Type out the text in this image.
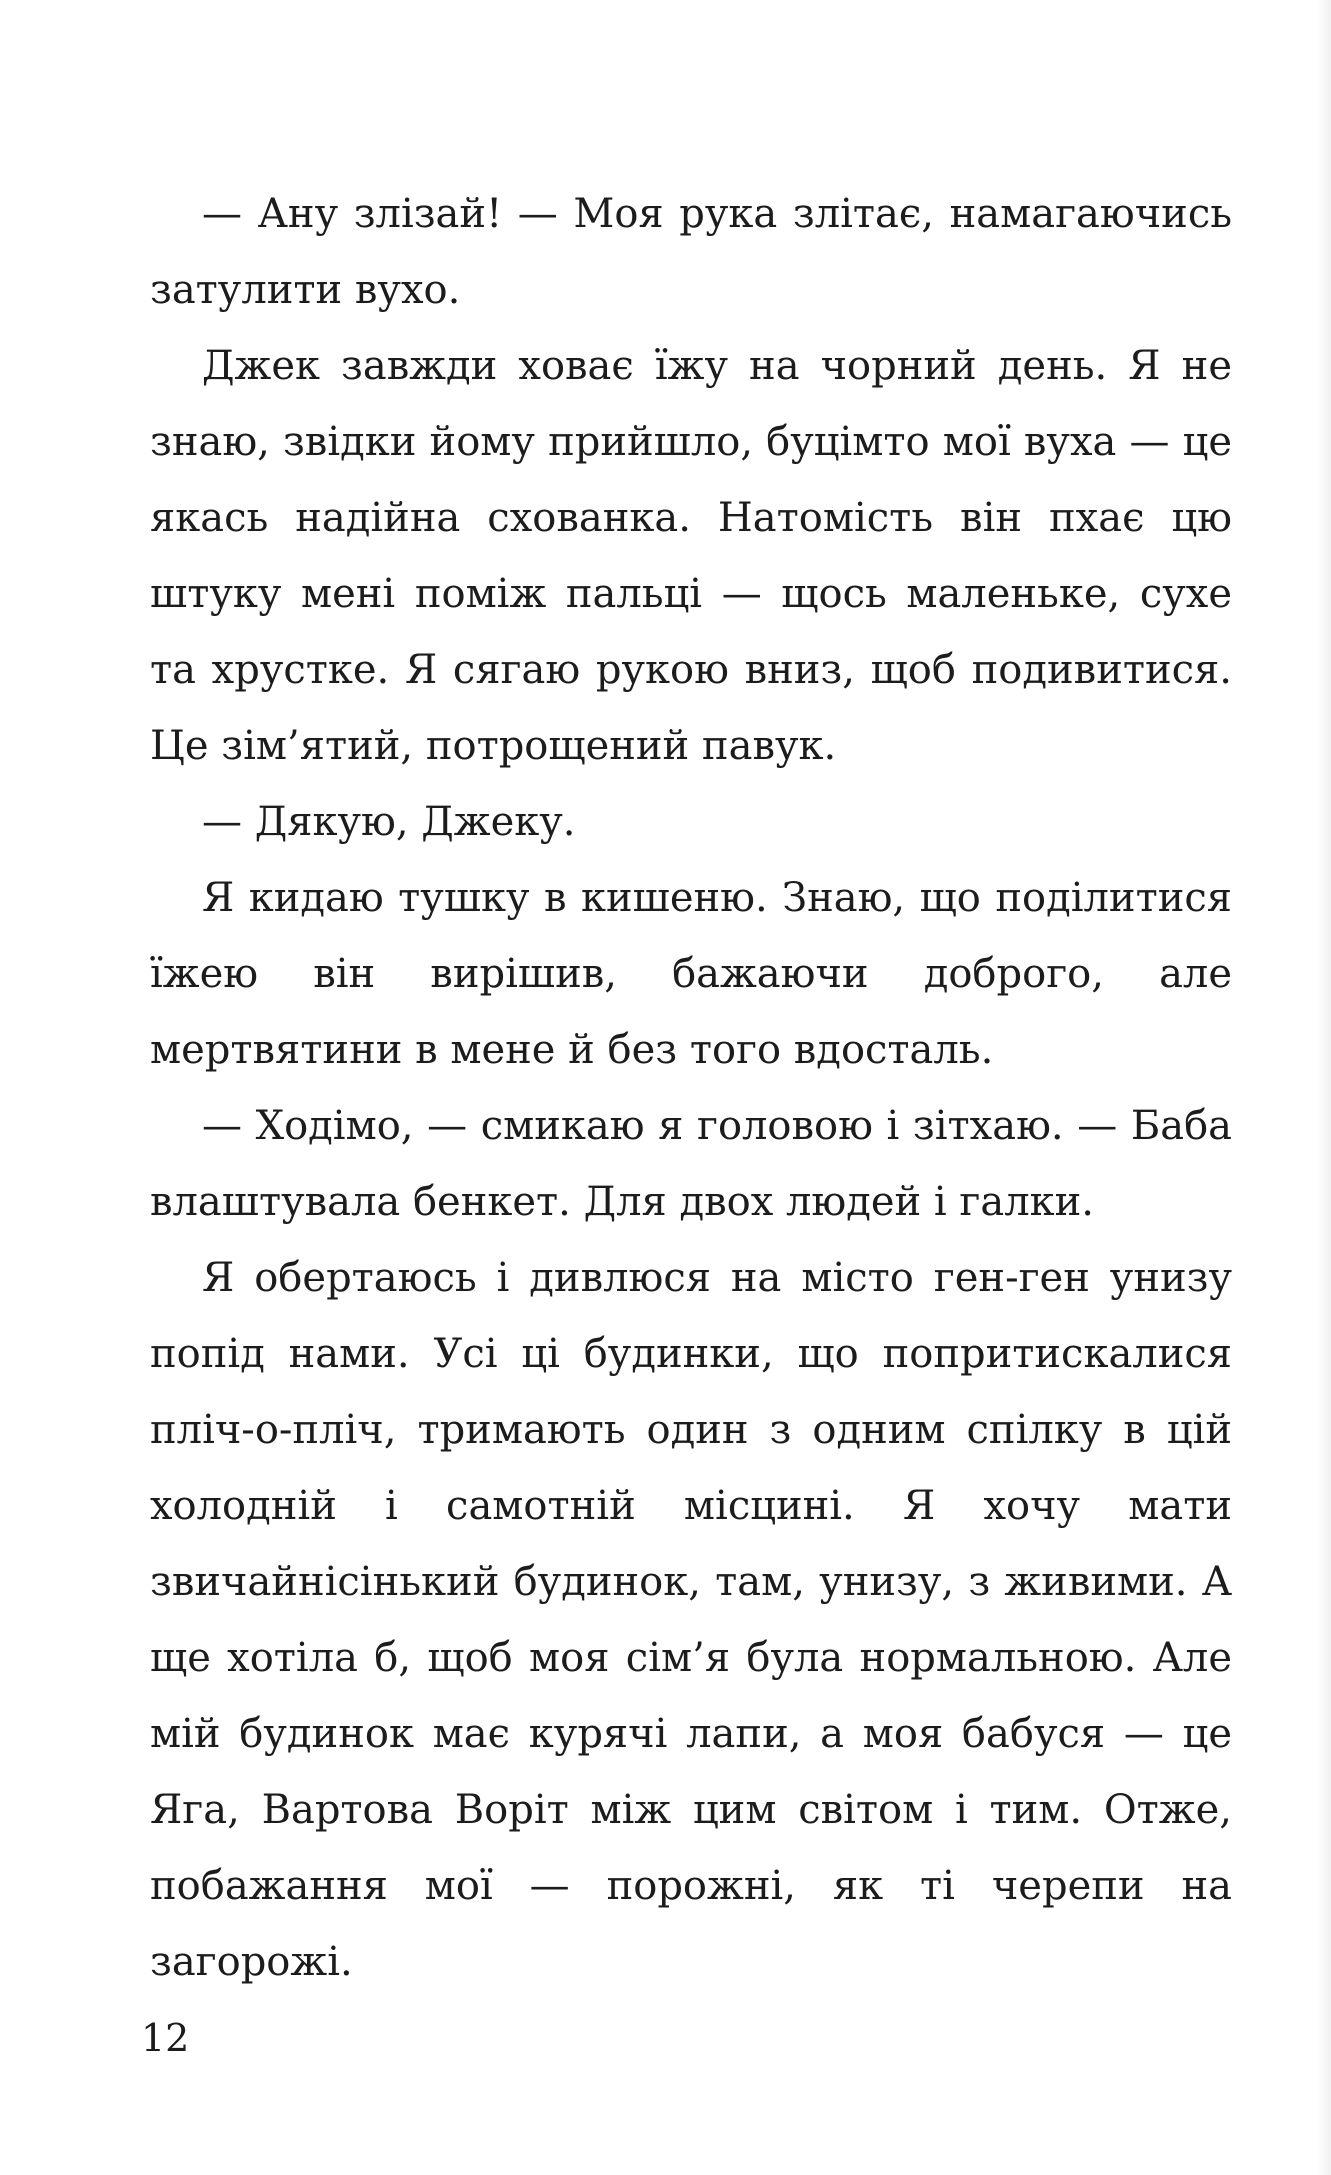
— Ану злізай! — Моя рука злітає, намагаючись затулити вухо.

Джек завжди ховає їжу на чорний день. Я не знаю, звідки йому прийшло, буцімто мої вуха — це якась надійна схованка. Натомість він пхає цю штуку мені поміж пальці — щось маленьке, сухе та хрустке. Я сягаю рукою вниз, щоб подивитися. Це зім’ятий, потрощений павук.

— Дякую, Джеку.

Я кидаю тушку в кишеню. Знаю, що поділитися їжею він вирішив, бажаючи доброго, але мертвятини в мене й без того вдосталь.

— Ходімо, — смикаю я головою і зітхаю. — Баба влаштувала бенкет. Для двох людей і галки.

Я обертаюсь і дивлюся на місто ген-ген унизу попід нами. Усі ці будинки, що попритискалися пліч-о-пліч, тримають один з одним спілку в цій холодній і самотній місцині. Я хочу мати звичайнісінький будинок, там, унизу, з живими. А ще хотіла б, щоб моя сім’я була нормальною. Але мій будинок має курячі лапи, а моя бабуся — це Яга, Вартова Воріт між цим світом і тим. Отже, побажання мої — порожні, як ті черепи на загорожі.

12
